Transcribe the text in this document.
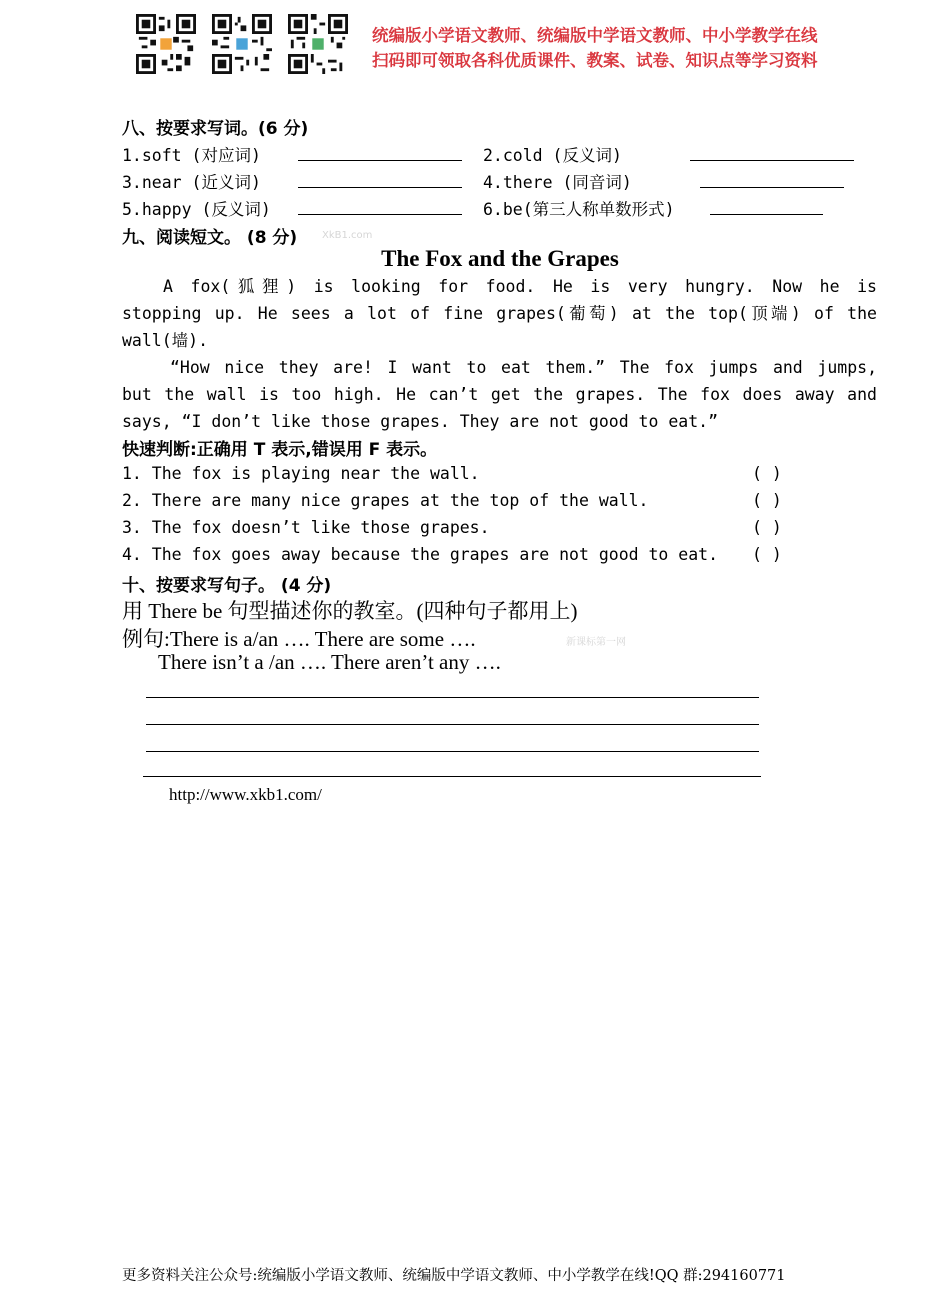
统编版小学语文教师、统编版中学语文教师、中小学教学在线
扫码即可领取各科优质课件、教案、试卷、知识点等学习资料
八、按要求写词。(6 分)
1.soft (对应词)	2.cold (反义词)
3.near (近义词)	4.there (同音词)
5.happy (反义词)	6.be(第三人称单数形式)
九、阅读短文。 (8 分) XkB1.com
The Fox and the Grapes
A fox(狐狸) is looking for food. He is very hungry. Now he is
stopping up. He sees a lot of fine grapes(葡萄) at the top(顶端) of the
wall(墙).
“How nice they are! I want to eat them.” The fox jumps and jumps,
but the wall is too high. He can’t get the grapes. The fox does away and
says, “I don’t like those grapes. They are not good to eat.”
快速判断:正确用 T 表示,错误用 F 表示。
1. The fox is playing near the wall.	( )
2. There are many nice grapes at the top of the wall.	( )
3. The fox doesn’t like those grapes.	( )
4. The fox goes away because the grapes are not good to eat. ( )
十、按要求写句子。 (4 分)
用 There be 句型描述你的教室。(四种句子都用上)
例句:There is a/an …. There are some ….	新课标第一网
There isn’t a /an …. There aren’t any ….
http://www.xkb1.com/
更多资料关注公众号:统编版小学语文教师、统编版中学语文教师、中小学教学在线!QQ 群:294160771
